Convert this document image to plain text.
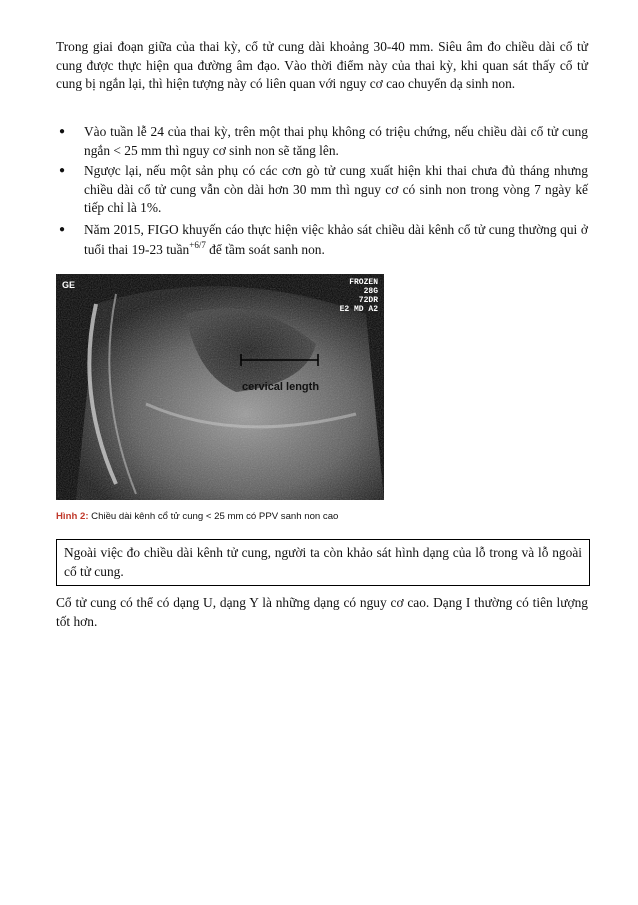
Trong giai đoạn giữa của thai kỳ, cổ tử cung dài khoảng 30-40 mm. Siêu âm đo chiều dài cổ tử cung được thực hiện qua đường âm đạo. Vào thời điểm này của thai kỳ, khi quan sát thấy cổ tử cung bị ngắn lại, thì hiện tượng này có liên quan với nguy cơ cao chuyển dạ sinh non.

● Vào tuần lễ 24 của thai kỳ, trên một thai phụ không có triệu chứng, nếu chiều dài cổ tử cung ngắn < 25 mm thì nguy cơ sinh non sẽ tăng lên.
● Ngược lại, nếu một sản phụ có các cơn gò tử cung xuất hiện khi thai chưa đủ tháng nhưng chiều dài cổ tử cung vẫn còn dài hơn 30 mm thì nguy cơ có sinh non trong vòng 7 ngày kế tiếp chỉ là 1%.
● Năm 2015, FIGO khuyến cáo thực hiện việc khảo sát chiều dài kênh cổ tử cung thường qui ở tuổi thai 19-23 tuần$^{+6/7}$ để tầm soát sanh non.
cervical length
GE	FROZEN
28G
72DR
E2 MD A2
Hình 2: Chiều dài kênh cổ tử cung < 25 mm có PPV sanh non cao
Ngoài việc đo chiều dài kênh tử cung, người ta còn khảo sát hình dạng của lỗ trong và lỗ ngoài cổ tử cung.

Cổ tử cung có thể có dạng U, dạng Y là những dạng có nguy cơ cao. Dạng I thường có tiên lượng tốt hơn.
